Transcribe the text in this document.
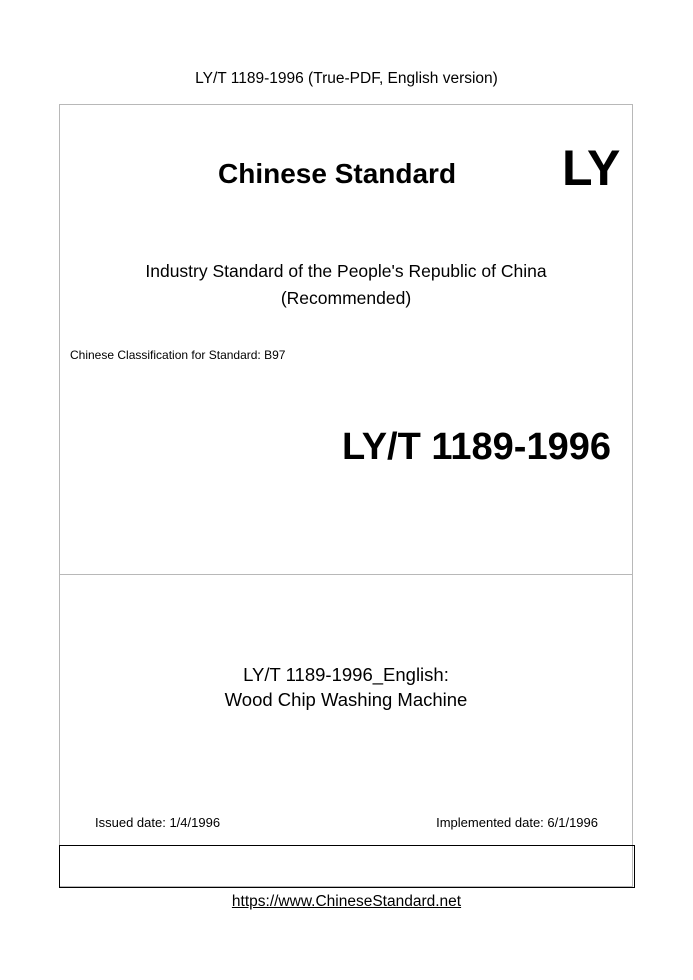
LY/T 1189-1996 (True-PDF, English version)
Chinese Standard LY
Industry Standard of the People's Republic of China
(Recommended)
Chinese Classification for Standard: B97
LY/T 1189-1996
LY/T 1189-1996_English:
Wood Chip Washing Machine
Issued date: 1/4/1996	Implemented date: 6/1/1996
https://www.ChineseStandard.net
